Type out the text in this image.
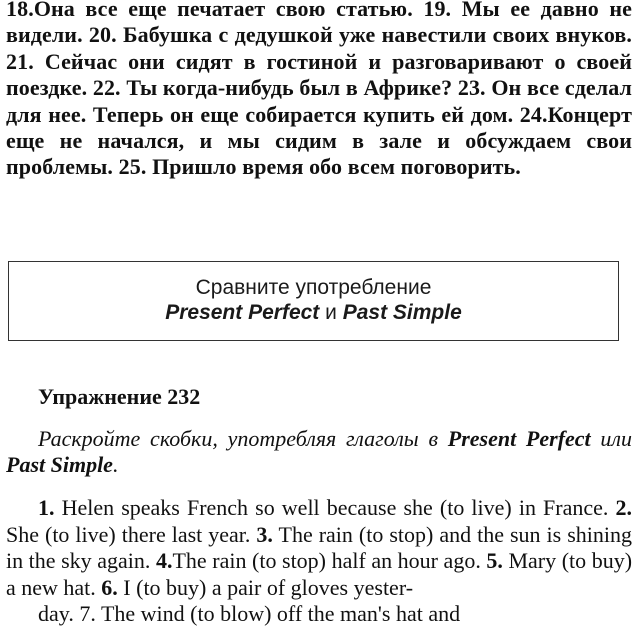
18.Она все еще печатает свою статью. 19. Мы ее давно не видели. 20. Бабушка с дедушкой уже навестили своих внуков. 21. Сейчас они сидят в гостиной и разговаривают о своей поездке. 22. Ты когда-нибудь был в Африке? 23. Он все сделал для нее. Теперь он еще собирается купить ей дом. 24.Концерт еще не начался, и мы сидим в зале и обсуждаем свои проблемы. 25. Пришло время обо всем поговорить.

Сравните употребление
Present Perfect и Past Simple
Упражнение 232

Раскройте скобки, употребляя глаголы в Present Perfect или Past Simple.

1. Helen speaks French so well because she (to live) in France. 2. She (to live) there last year. 3. The rain (to stop) and the sun is shining in the sky again. 4.The rain (to stop) half an hour ago. 5. Mary (to buy) a new hat. 6. I (to buy) a pair of gloves yester-
day. 7. The wind (to blow) off the man's hat and
